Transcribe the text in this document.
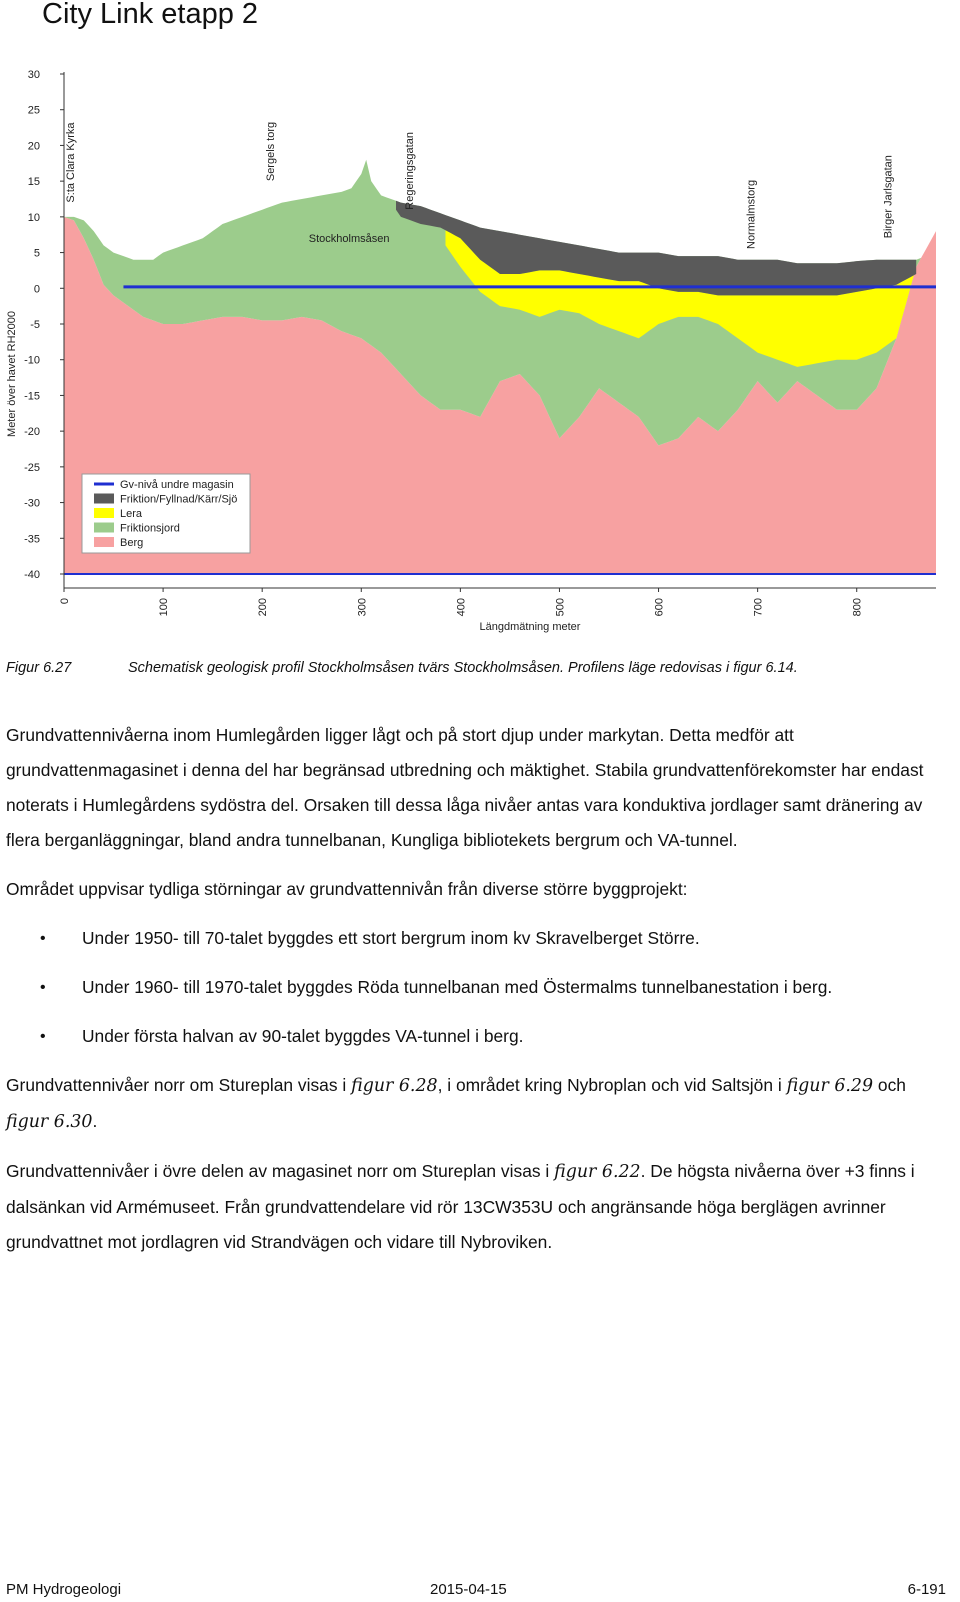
City Link etapp 2
30
25
20
15
10
5
0
-5
-10
-15
-20
-25
-30
-35
-40
0	100	200	300	400	500	600	700	800
Meter över havet RH2000
Längdmätning meter
S:ta Clara Kyrka	Sergels torg	Regeringsgatan
Normalmstorg	Birger Jarlsgatan
Stockholmsåsen
Gv-nivå undre magasin
Friktion/Fyllnad/Kärr/Sjö
Lera
Friktionsjord
Berg
Figur 6.27	Schematisk geologisk profil Stockholmsåsen tvärs Stockholmsåsen. Profilens läge redovisas i figur 6.14.

Grundvattennivåerna inom Humlegården ligger lågt och på stort djup under markytan. Detta medför att grundvattenmagasinet i denna del har begränsad utbredning och mäktighet. Stabila grundvattenförekomster har endast noterats i Humlegårdens sydöstra del. Orsaken till dessa låga nivåer antas vara konduktiva jordlager samt dränering av flera berganläggningar, bland andra tunnelbanan, Kungliga bibliotekets bergrum och VA-tunnel.

Området uppvisar tydliga störningar av grundvattennivån från diverse större byggprojekt:

• Under 1950- till 70-talet byggdes ett stort bergrum inom kv Skravelberget Större.
• Under 1960- till 1970-talet byggdes Röda tunnelbanan med Östermalms tunnelbanestation i berg.
• Under första halvan av 90-talet byggdes VA-tunnel i berg.

Grundvattennivåer norr om Stureplan visas i figur 6.28, i området kring Nybroplan och vid Saltsjön i figur 6.29 och figur 6.30.

Grundvattennivåer i övre delen av magasinet norr om Stureplan visas i figur 6.22. De högsta nivåerna över +3 finns i dalsänkan vid Armémuseet. Från grundvattendelare vid rör 13CW353U och angränsande höga berglägen avrinner grundvattnet mot jordlagren vid Strandvägen och vidare till Nybroviken.

PM Hydrogeologi	2015-04-15	6-191
